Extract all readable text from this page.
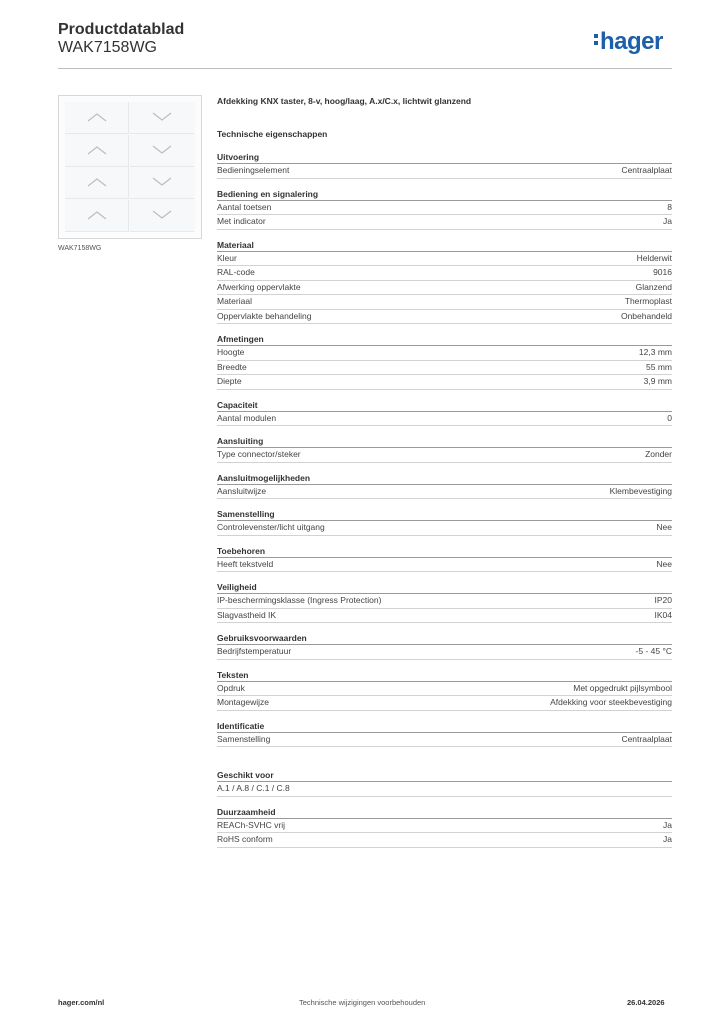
Productdatablad
WAK7158WG	hager
WAK7158WG
Afdekking KNX taster, 8-v, hoog/laag, A.x/C.x, lichtwit glanzend
Technische eigenschappen
Uitvoering
Bedieningselement	Centraalplaat
Bediening en signalering
Aantal toetsen	8
Met indicator	Ja
Materiaal
Kleur	Helderwit
RAL-code	9016
Afwerking oppervlakte	Glanzend
Materiaal	Thermoplast
Oppervlakte behandeling	Onbehandeld
Afmetingen
Hoogte	12,3 mm
Breedte	55 mm
Diepte	3,9 mm
Capaciteit
Aantal modulen	0
Aansluiting
Type connector/steker	Zonder
Aansluitmogelijkheden
Aansluitwijze	Klembevestiging
Samenstelling
Controlevenster/licht uitgang	Nee
Toebehoren
Heeft tekstveld	Nee
Veiligheid
IP-beschermingsklasse (Ingress Protection)	IP20
Slagvastheid IK	IK04
Gebruiksvoorwaarden
Bedrijfstemperatuur	-5 - 45 °C
Teksten
Opdruk	Met opgedrukt pijlsymbool
Montagewijze	Afdekking voor steekbevestiging
Identificatie
Samenstelling	Centraalplaat
Geschikt voor
A.1 / A.8 / C.1 / C.8
Duurzaamheid
REACh-SVHC vrij	Ja
RoHS conform	Ja
hager.com/nl	Technische wijzigingen voorbehouden	26.04.2026
